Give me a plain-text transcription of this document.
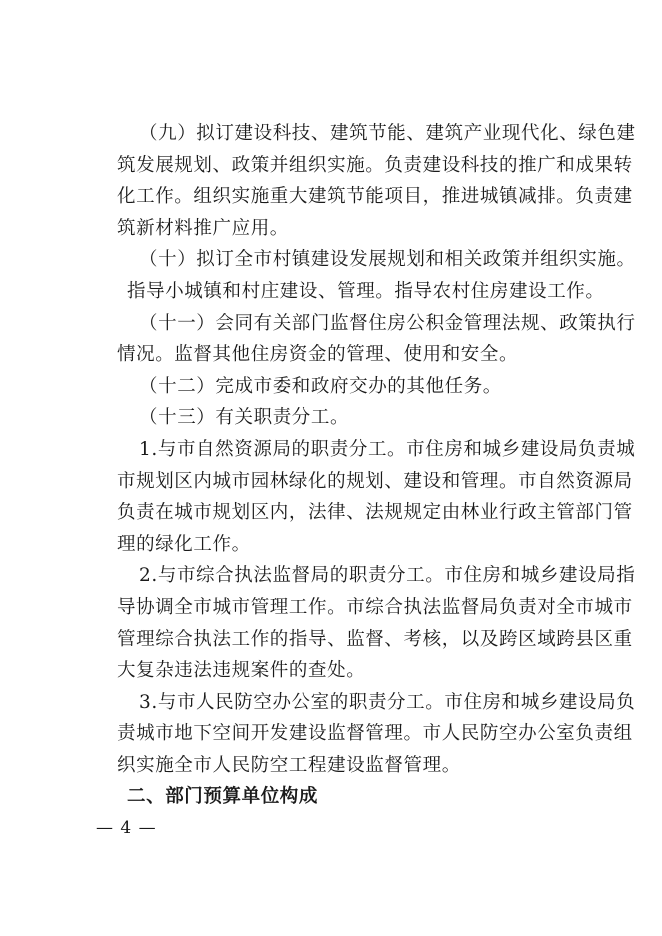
（九）拟订建设科技、建筑节能、建筑产业现代化、绿色建
筑发展规划、政策并组织实施。负责建设科技的推广和成果转
化工作。组织实施重大建筑节能项目，推进城镇减排。负责建
筑新材料推广应用。

（十）拟订全市村镇建设发展规划和相关政策并组织实施。
指导小城镇和村庄建设、管理。指导农村住房建设工作。

（十一）会同有关部门监督住房公积金管理法规、政策执行
情况。监督其他住房资金的管理、使用和安全。

（十二）完成市委和政府交办的其他任务。

（十三）有关职责分工。

1.与市自然资源局的职责分工。市住房和城乡建设局负责城
市规划区内城市园林绿化的规划、建设和管理。市自然资源局
负责在城市规划区内，法律、法规规定由林业行政主管部门管
理的绿化工作。

2.与市综合执法监督局的职责分工。市住房和城乡建设局指
导协调全市城市管理工作。市综合执法监督局负责对全市城市
管理综合执法工作的指导、监督、考核，以及跨区域跨县区重
大复杂违法违规案件的查处。

3.与市人民防空办公室的职责分工。市住房和城乡建设局负
责城市地下空间开发建设监督管理。市人民防空办公室负责组
织实施全市人民防空工程建设监督管理。

二、部门预算单位构成
— 4 —
